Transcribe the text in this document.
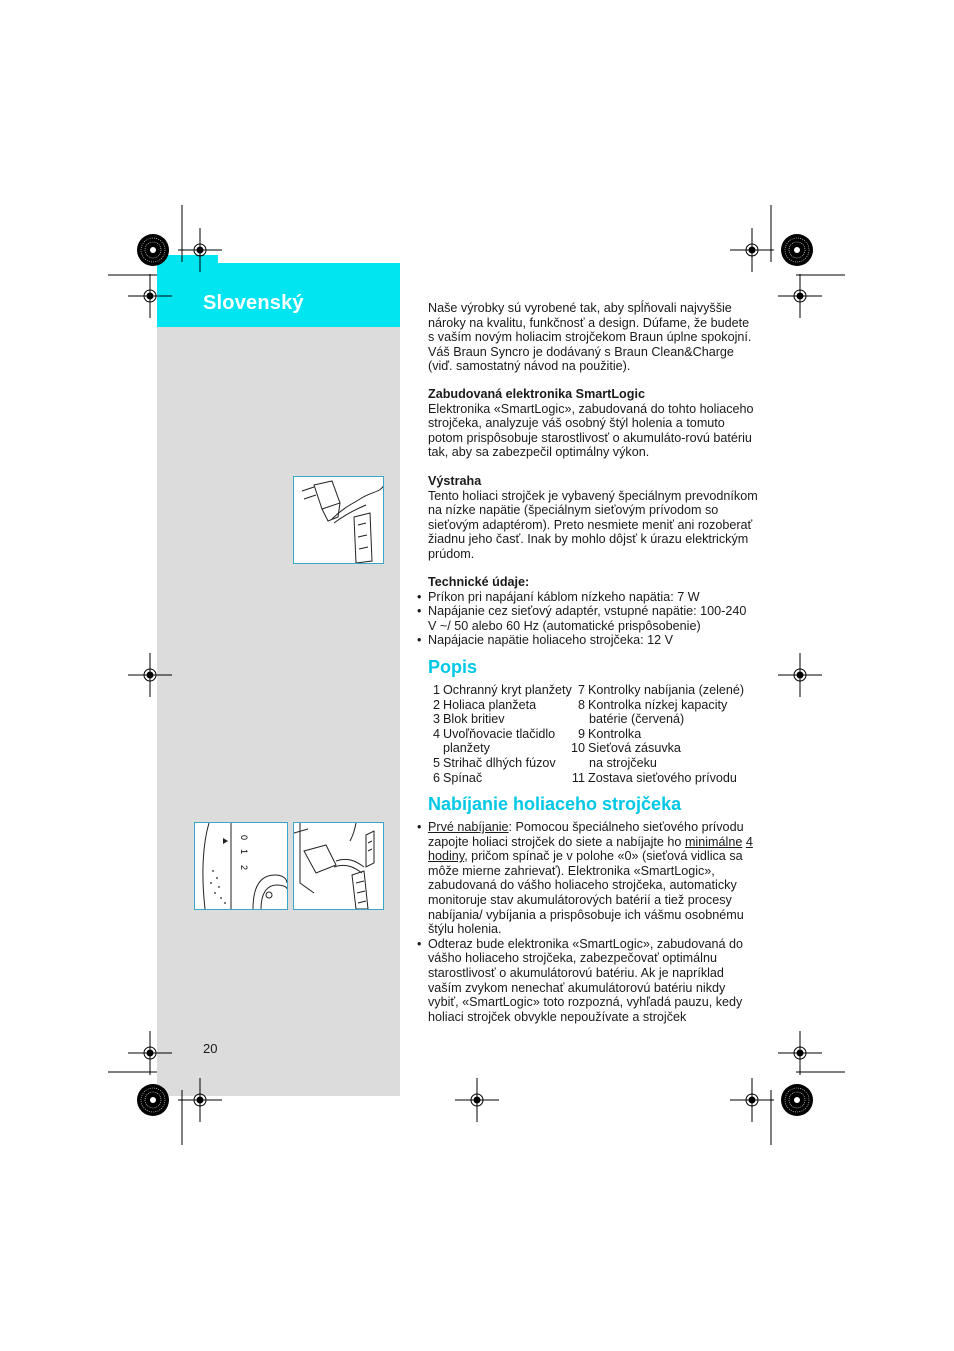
Slovenský
20
0
1
2

Naše výrobky sú vyrobené tak, aby spĺňovali najvyššie nároky na kvalitu, funkčnosť a design. Dúfame, že budete s vaším novým holiacim strojčekom Braun úplne spokojní. Váš Braun Syncro je dodávaný s Braun Clean&Charge (viď. samostatný návod na použitie).

Zabudovaná elektronika SmartLogic

Elektronika «SmartLogic», zabudovaná do tohto holiaceho strojčeka, analyzuje váš osobný štýl holenia a tomuto potom prispôsobuje starostlivosť o akumuláto-rovú batériu tak, aby sa zabezpečil optimálny výkon.

Výstraha

Tento holiaci strojček je vybavený špeciálnym prevodníkom na nízke napätie (špeciálnym sieťovým prívodom so sieťovým adaptérom). Preto nesmiete meniť ani rozoberať žiadnu jeho časť. Inak by mohlo dôjsť k úrazu elektrickým prúdom.

Technické údaje:

• Príkon pri napájaní káblom nízkeho napätia: 7 W
• Napájanie cez sieťový adaptér, vstupné napätie: 100-240 V ~/ 50 alebo 60 Hz (automatické prispôsobenie)
• Napájacie napätie holiaceho strojčeka: 12 V
Popis
1 Ochranný kryt planžety
2 Holiaca planžeta
3 Blok britiev
4 Uvoľňovacie tlačidlo
planžety
5 Strihač dlhých fúzov
6 Spínač
7 Kontrolky nabíjania (zelené)
8 Kontrolka nízkej kapacity
batérie (červená)
9 Kontrolka
10 Sieťová zásuvka
na strojčeku
11 Zostava sieťového prívodu
Nabíjanie holiaceho strojčeka
• Prvé nabíjanie: Pomocou špeciálneho sieťového prívodu zapojte holiaci strojček do siete a nabíjajte ho minimálne 4 hodiny, pričom spínač je v polohe «0» (sieťová vidlica sa môže mierne zahrievať). Elektronika «SmartLogic», zabudovaná do vášho holiaceho strojčeka, automaticky monitoruje stav akumulátorových batérií a tiež procesy nabíjania/ vybíjania a prispôsobuje ich vášmu osobnému štýlu holenia.
• Odteraz bude elektronika «SmartLogic», zabudovaná do vášho holiaceho strojčeka, zabezpečovať optimálnu starostlivosť o akumulátorovú batériu. Ak je napríklad vaším zvykom nenechať akumulátorovú batériu nikdy vybiť, «SmartLogic» toto rozpozná, vyhľadá pauzu, kedy holiaci strojček obvykle nepoužívate a strojček
